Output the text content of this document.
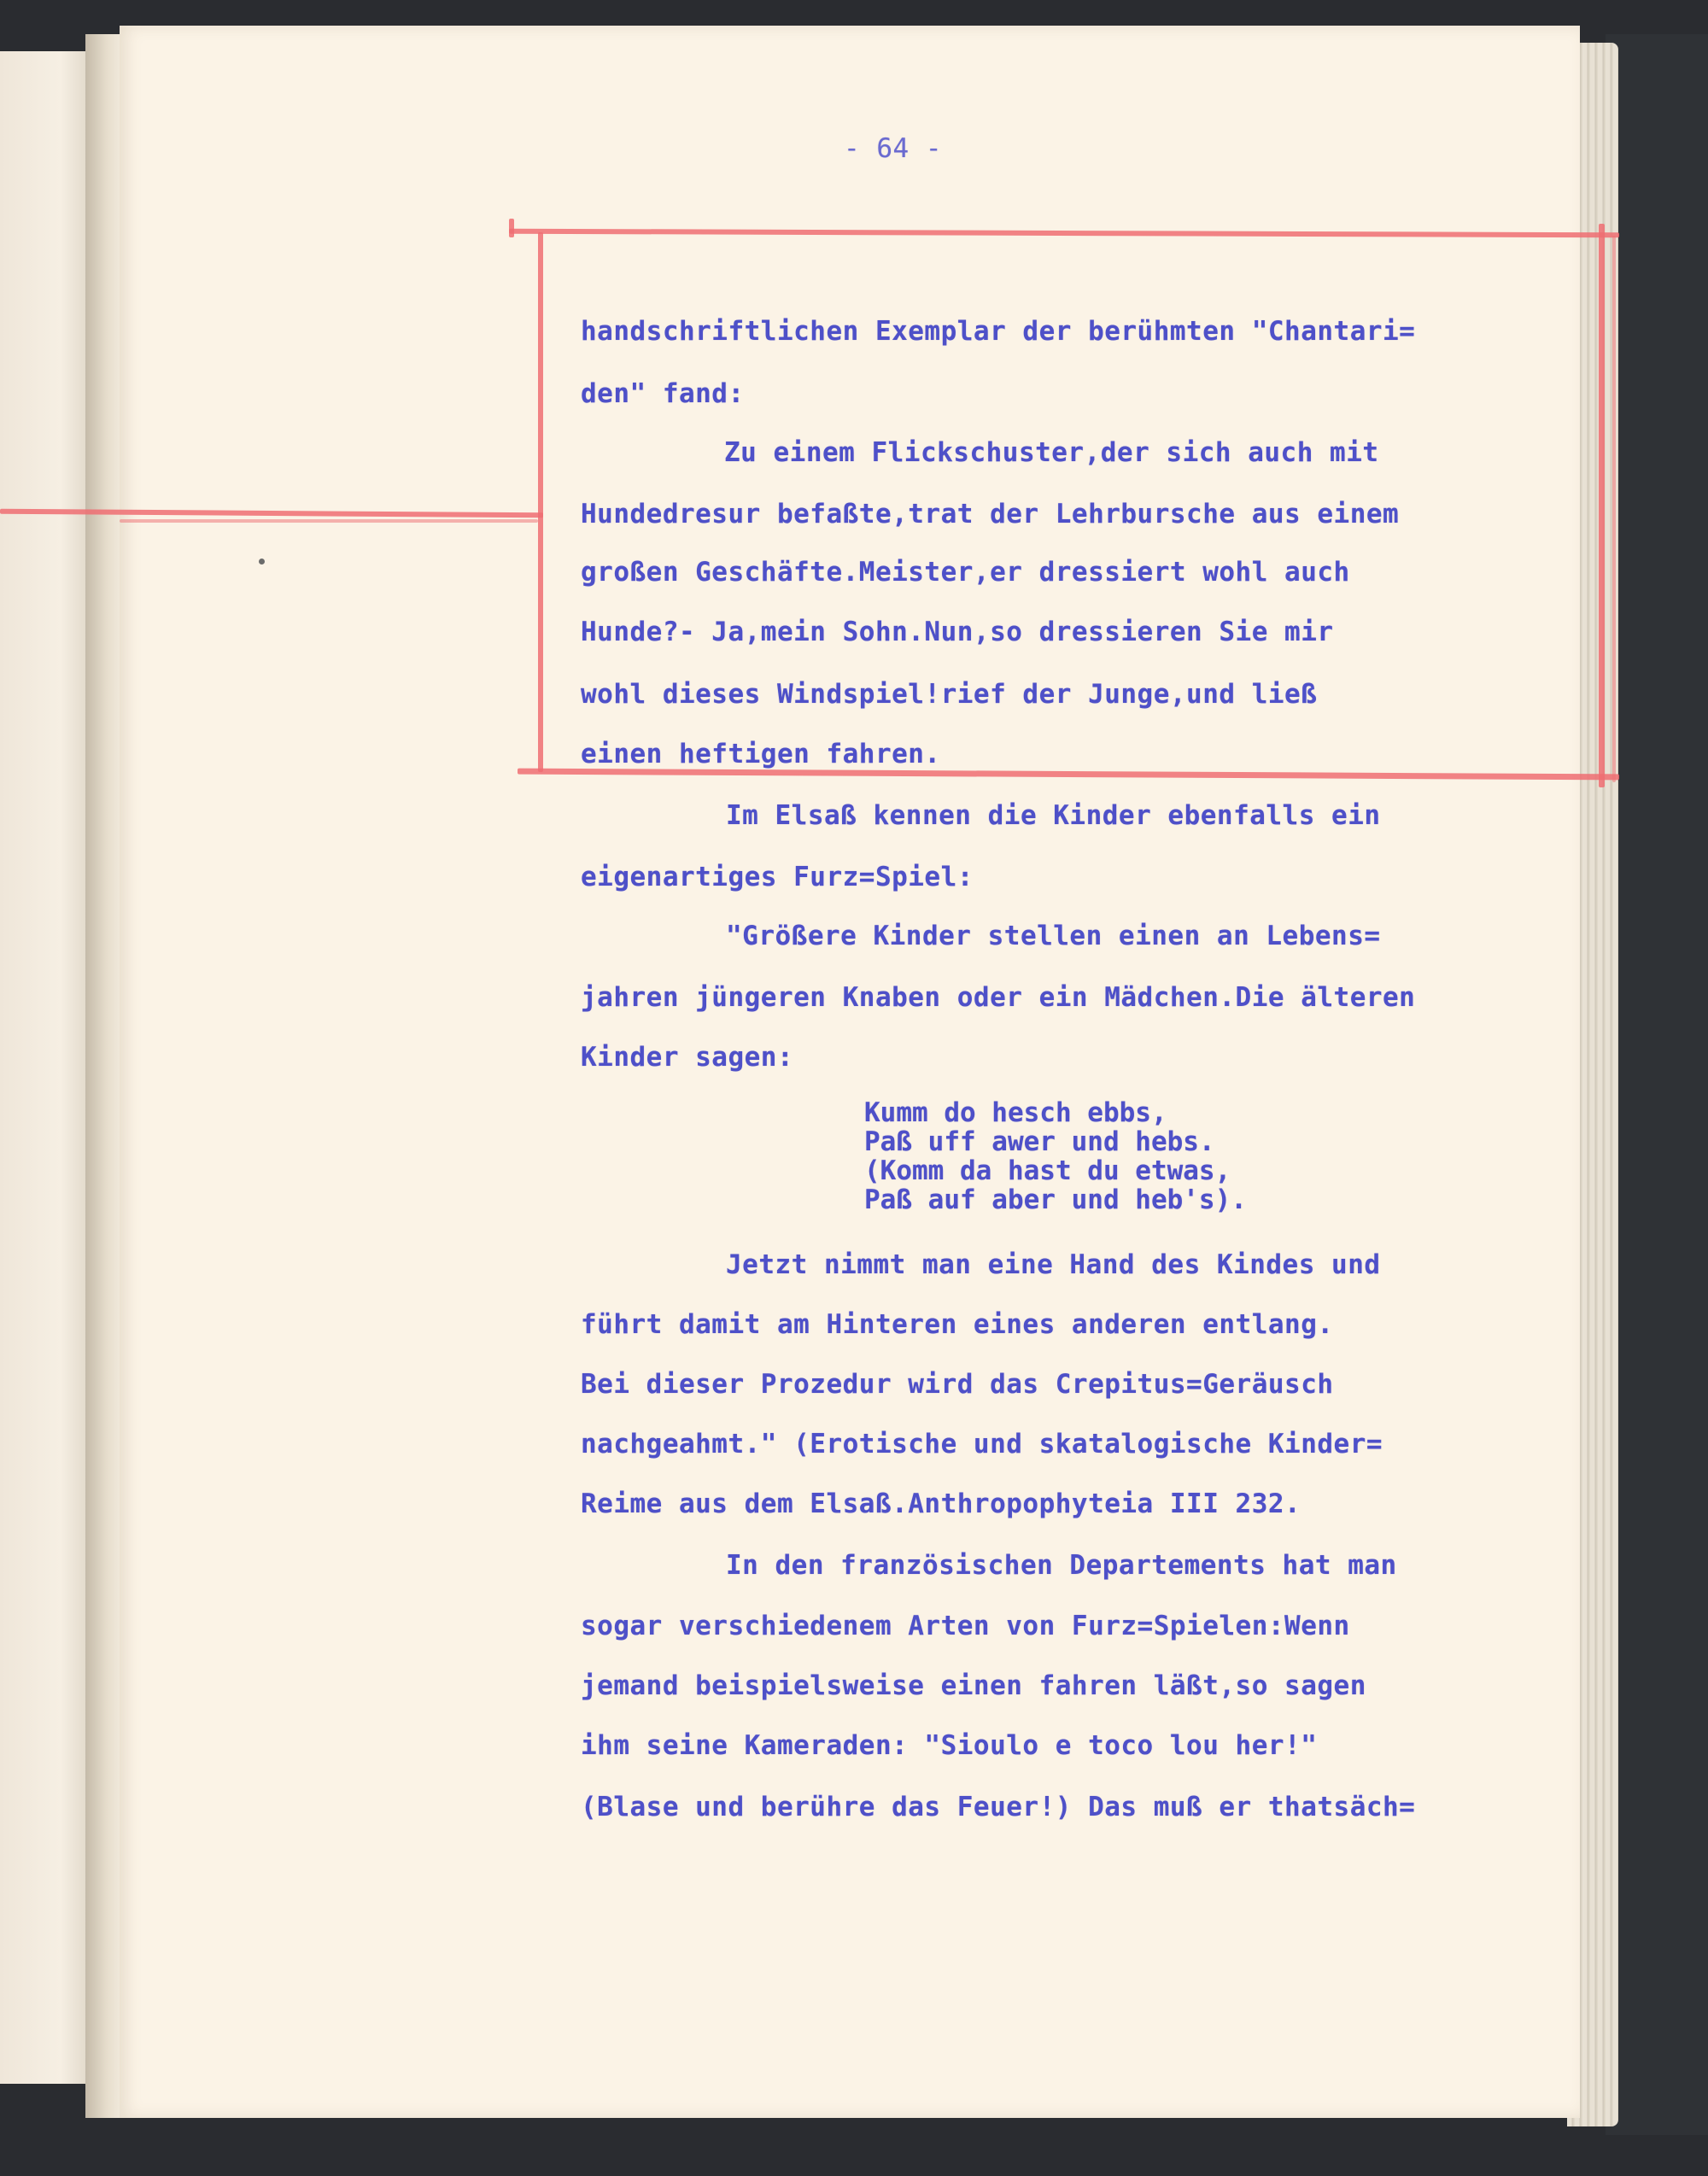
- 64 -
handschriftlichen Exemplar der berühmten "Chantari=
den" fand:
Zu einem Flickschuster,der sich auch mit
Hundedresur befaßte,trat der Lehrbursche aus einem
großen Geschäfte.Meister,er dressiert wohl auch
Hunde?- Ja,mein Sohn.Nun,so dressieren Sie mir
wohl dieses Windspiel!rief der Junge,und ließ
einen heftigen fahren.
Im Elsaß kennen die Kinder ebenfalls ein
eigenartiges Furz=Spiel:
"Größere Kinder stellen einen an Lebens=
jahren jüngeren Knaben oder ein Mädchen.Die älteren
Kinder sagen:
Kumm do hesch ebbs,
Paß uff awer und hebs.
(Komm da hast du etwas,
Paß auf aber und heb's).
Jetzt nimmt man eine Hand des Kindes und
führt damit am Hinteren eines anderen entlang.
Bei dieser Prozedur wird das Crepitus=Geräusch
nachgeahmt." (Erotische und skatalogische Kinder=
Reime aus dem Elsaß.Anthropophyteia III 232.
In den französischen Departements hat man
sogar verschiedenem Arten von Furz=Spielen:Wenn
jemand beispielsweise einen fahren läßt,so sagen
ihm seine Kameraden: "Sioulo e toco lou her!"
(Blase und berühre das Feuer!) Das muß er thatsäch=
